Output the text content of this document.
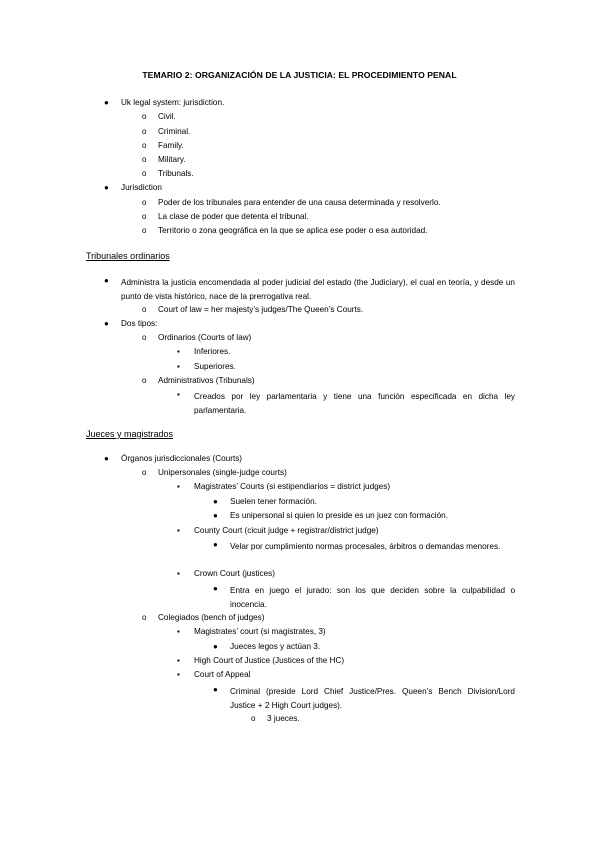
TEMARIO 2: ORGANIZACIÓN DE LA JUSTICIA: EL PROCEDIMIENTO PENAL
● Uk legal system: jurisdiction.
o Civil.
o Criminal.
o Family.
o Military.
o Tribunals.
● Jurisdiction
o Poder de los tribunales para entender de una causa determinada y resolverlo.
o La clase de poder que detenta el tribunal.
o Territorio o zona geográfica en la que se aplica ese poder o esa autoridad.
Tribunales ordinarios
● Administra la justicia encomendada al poder judicial del estado (the Judiciary), el cual en teoría, y desde un punto de vista histórico, nace de la prerrogativa real.
o Court of law = her majesty’s judges/The Queen’s Courts.
● Dos tipos:
o Ordinarios (Courts of law)
▪ Inferiores.
▪ Superiores.
o Administrativos (Tribunals)
▪ Creados por ley parlamentaria y tiene una función especificada en dicha ley parlamentaria.
Jueces y magistrados
● Órganos jurisdiccionales (Courts)
o Unipersonales (single-judge courts)
▪ Magistrates’ Courts (si estipendiarios = district judges)
● Suelen tener formación.
● Es unipersonal si quien lo preside es un juez con formación.
▪ County Court (cicuit judge + registrar/district judge)
● Velar por cumplimiento normas procesales, árbitros o demandas menores.
▪ Crown Court (justices)
● Entra en juego el jurado: son los que deciden sobre la culpabilidad o inocencia.
o Colegiados (bench of judges)
▪ Magistrates’ court (si magistrates, 3)
● Jueces legos y actúan 3.
▪ High Court of Justice (Justices of the HC)
▪ Court of Appeal
● Criminal (preside Lord Chief Justice/Pres. Queen’s Bench Division/Lord Justice + 2 High Court judges).
o 3 jueces.
